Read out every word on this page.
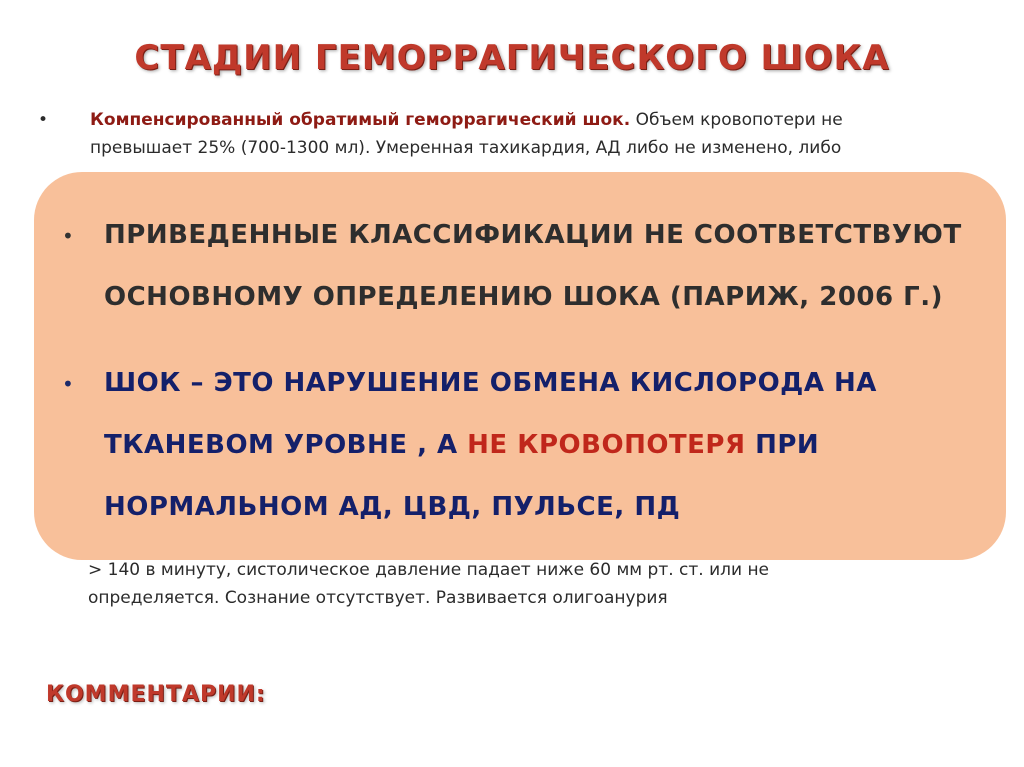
СТАДИИ ГЕМОРРАГИЧЕСКОГО ШОКА
• Компенсированный обратимый геморрагический шок. Объем кровопотери не
превышает 25% (700-1300 мл). Умеренная тахикардия, АД либо не изменено, либо
> 140 в минуту, систолическое давление падает ниже 60 мм рт. ст. или не
определяется. Сознание отсутствует. Развивается олигоанурия
• ПРИВЕДЕННЫЕ КЛАССИФИКАЦИИ НЕ СООТВЕТСТВУЮТ
ОСНОВНОМУ ОПРЕДЕЛЕНИЮ ШОКА (ПАРИЖ, 2006 Г.)
• ШОК – ЭТО НАРУШЕНИЕ ОБМЕНА КИСЛОРОДА НА
ТКАНЕВОМ УРОВНЕ , А НЕ КРОВОПОТЕРЯ ПРИ
НОРМАЛЬНОМ АД, ЦВД, ПУЛЬСЕ, ПД
КОММЕНТАРИИ:
